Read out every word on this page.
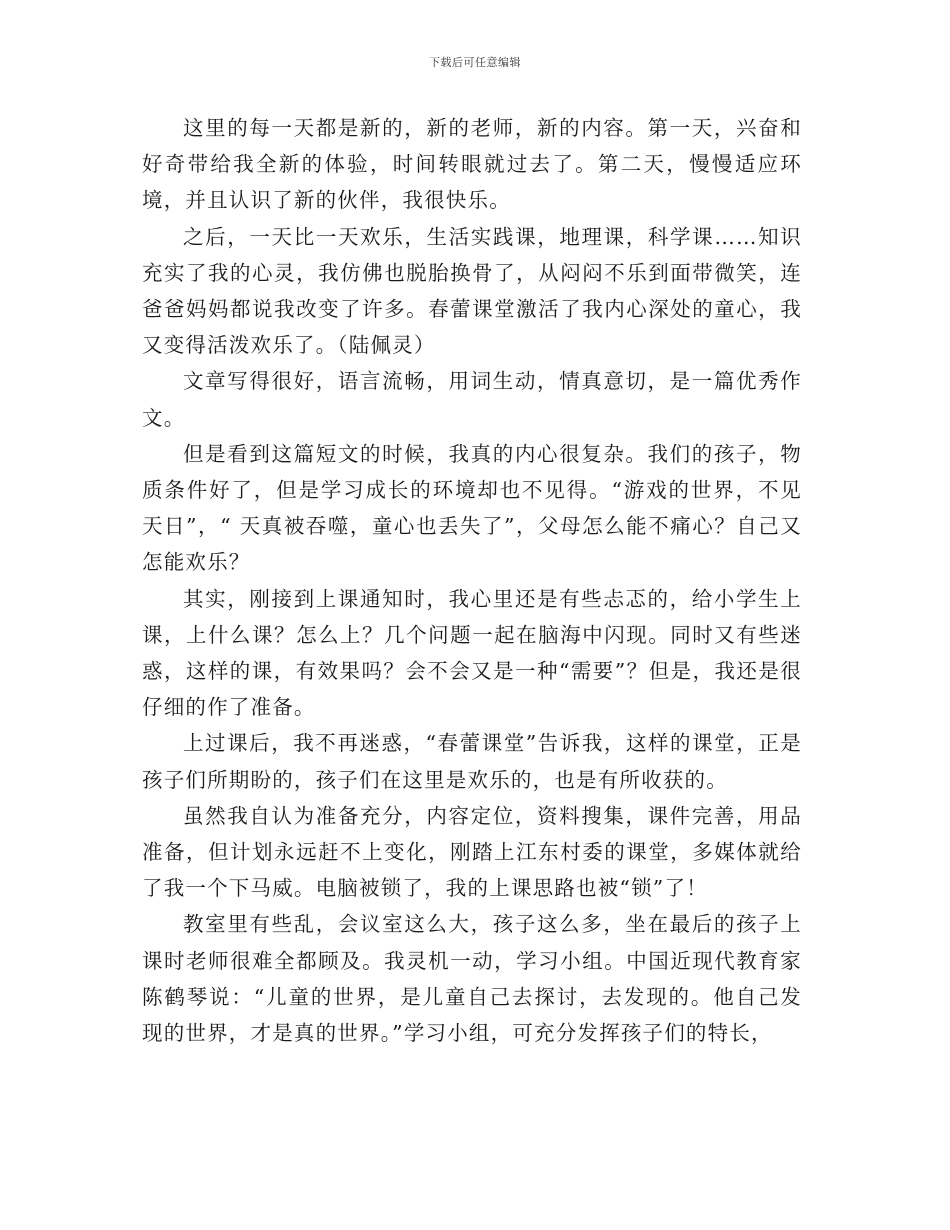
下载后可任意编辑

这里的每一天都是新的，新的老师，新的内容。第一天，兴奋和好奇带给我全新的体验，时间转眼就过去了。第二天，慢慢适应环境，并且认识了新的伙伴，我很快乐。

之后，一天比一天欢乐，生活实践课，地理课，科学课……知识充实了我的心灵，我仿佛也脱胎换骨了，从闷闷不乐到面带微笑，连爸爸妈妈都说我改变了许多。春蕾课堂激活了我内心深处的童心，我又变得活泼欢乐了。（陆佩灵）

文章写得很好，语言流畅，用词生动，情真意切，是一篇优秀作文。

但是看到这篇短文的时候，我真的内心很复杂。我们的孩子，物质条件好了，但是学习成长的环境却也不见得。“游戏的世界，不见天日”，“ 天真被吞噬，童心也丢失了”，父母怎么能不痛心？自己又怎能欢乐？

其实，刚接到上课通知时，我心里还是有些忐忑的，给小学生上课，上什么课？怎么上？几个问题一起在脑海中闪现。同时又有些迷惑，这样的课，有效果吗？会不会又是一种“需要”？但是，我还是很仔细的作了准备。

上过课后，我不再迷惑，“春蕾课堂”告诉我，这样的课堂，正是孩子们所期盼的，孩子们在这里是欢乐的，也是有所收获的。

虽然我自认为准备充分，内容定位，资料搜集，课件完善，用品准备，但计划永远赶不上变化，刚踏上江东村委的课堂，多媒体就给了我一个下马威。电脑被锁了，我的上课思路也被“锁”了！

教室里有些乱，会议室这么大，孩子这么多，坐在最后的孩子上课时老师很难全都顾及。我灵机一动，学习小组。中国近现代教育家陈鹤琴说：“儿童的世界，是儿童自己去探讨，去发现的。他自己发现的世界，才是真的世界。”学习小组，可充分发挥孩子们的特长，
